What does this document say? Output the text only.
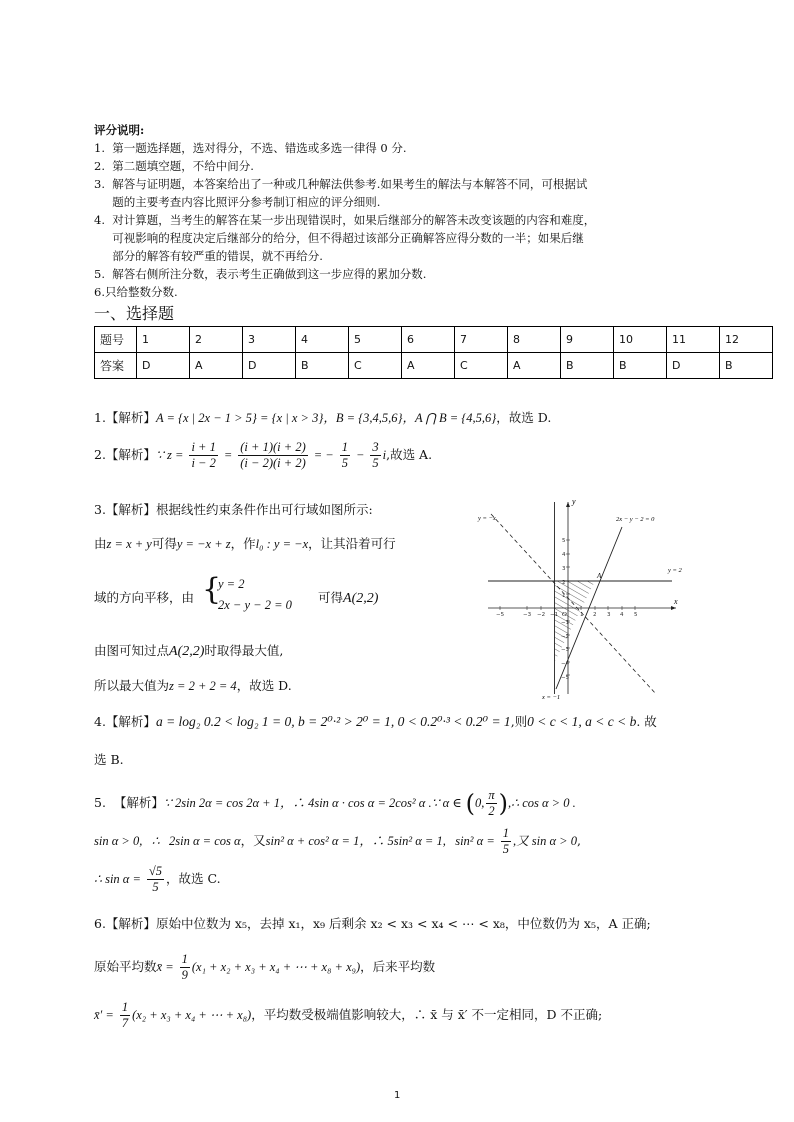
评分说明:
1.  第一题选择题，选对得分，不选、错选或多选一律得 0 分.
2.  第二题填空题，不给中间分.
3.  解答与证明题，本答案给出了一种或几种解法供参考.如果考生的解法与本解答不同，可根据试
题的主要考查内容比照评分参考制订相应的评分细则.
4.  对计算题，当考生的解答在某一步出现错误时，如果后继部分的解答未改变该题的内容和难度，
可视影响的程度决定后继部分的给分，但不得超过该部分正确解答应得分数的一半；如果后继
部分的解答有较严重的错误，就不再给分.
5.  解答右侧所注分数，表示考生正确做到这一步应得的累加分数.
6.只给整数分数.
一、选择题
题号	1	2	3	4	5	6	7	8	9	10	11	12
答案	D	A	D	B	C	A	C	A	B	B	D	B
1.【解析】A = {x | 2x − 1 > 5} = {x | x > 3}，B = {3,4,5,6}，A ⋂ B = {4,5,6}，故选 D.
2.【解析】∵ $z = \frac{i + 1}{i - 2} = \frac{(i + 1)(i + 2)}{(i - 2)(i + 2)}$ = − $\frac{1}{5} - \frac{3}{5} i$,故选 A.
3.【解析】根据线性约束条件作出可行域如图所示:
由z = x + y可得y = −x + z，作l₀ : y = −x，让其沿着可行
域的方向平移，由 {
y = 2
2x − y − 2 = 0 可得A(2,2)
由图可知过点A(2,2)时取得最大值,
所以最大值为z = 2 + 2 = 4，故选 D.
y = −x	2x − y − 2 = 0
y = 2
x = −1
y
x
A
O
−5	−3 −2 −1	1 2 3 4 5
5
4
3
2
1
−1
−2
−3
−4
−5
4.【解析】a = log₂ 0.2 < log₂ 1 = 0, b = 2⁰·² > 2⁰ = 1, 0 < 0.2⁰·³ < 0.2⁰ = 1,则0 < c < 1, a < c < b. 故
选 B.
5.  【解析】∵ 2sin 2α = cos 2α + 1，∴ 4sin α · cos α = 2cos² α .∵ α ∈ (0, $\frac{\pi}{2}$ ),∴ cos α > 0 .
sin α > 0,   ∴   2sin α = cos α，又sin² α + cos² α = 1，∴ 5sin² α = 1,   sin² $\alpha = \frac{1}{5}$ ,又 sin α > 0,
∴ $\sin \alpha = \frac{√5}{5}$ ，故选 C.
6.【解析】原始中位数为 x₅，去掉 x₁，x₉ 后剩余 x₂ < x₃ < x₄ < ⋯ < x₈，中位数仍为 x₅，A 正确;
原始平均数x̄ = $\frac{1}{9} (x_1 + x_2 + x_3 + x_4$ + ⋯ + x₈ + x₉)，后来平均数
x̄′ = $\frac{1}{7} (x_2 + x_3 + x_4$ + ⋯ + x₈)，平均数受极端值影响较大，∴ x̄ 与 x̄′ 不一定相同，D 不正确;
1
